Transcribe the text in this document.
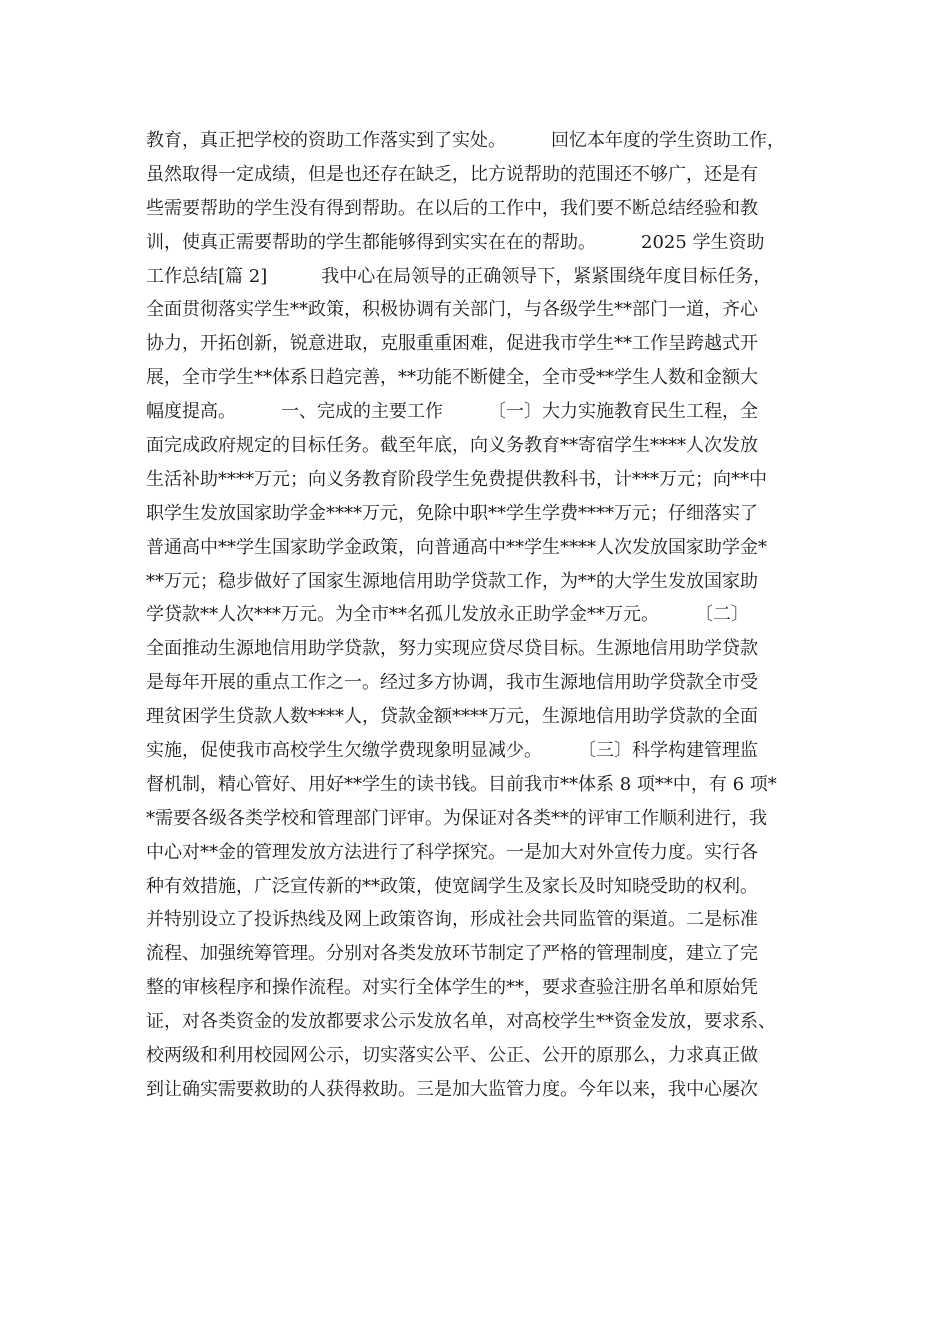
教育，真正把学校的资助工作落实到了实处。　　　回忆本年度的学生资助工作，
虽然取得一定成绩，但是也还存在缺乏，比方说帮助的范围还不够广，还是有
些需要帮助的学生没有得到帮助。在以后的工作中，我们要不断总结经验和教
训，使真正需要帮助的学生都能够得到实实在在的帮助。　　　2025 学生资助
工作总结[篇 2]　　　我中心在局领导的正确领导下，紧紧围绕年度目标任务，
全面贯彻落实学生**政策，积极协调有关部门，与各级学生**部门一道，齐心
协力，开拓创新，锐意进取，克服重重困难，促进我市学生**工作呈跨越式开
展，全市学生**体系日趋完善，**功能不断健全，全市受**学生人数和金额大
幅度提高。　　　一、完成的主要工作　　　〔一〕大力实施教育民生工程，全
面完成政府规定的目标任务。截至年底，向义务教育**寄宿学生****人次发放
生活补助****万元；向义务教育阶段学生免费提供教科书，计***万元；向**中
职学生发放国家助学金****万元，免除中职**学生学费****万元；仔细落实了
普通高中**学生国家助学金政策，向普通高中**学生****人次发放国家助学金*
**万元；稳步做好了国家生源地信用助学贷款工作，为**的大学生发放国家助
学贷款**人次***万元。为全市**名孤儿发放永正助学金**万元。　　　〔二〕
全面推动生源地信用助学贷款，努力实现应贷尽贷目标。生源地信用助学贷款
是每年开展的重点工作之一。经过多方协调，我市生源地信用助学贷款全市受
理贫困学生贷款人数****人，贷款金额****万元，生源地信用助学贷款的全面
实施，促使我市高校学生欠缴学费现象明显减少。　　　〔三〕科学构建管理监
督机制，精心管好、用好**学生的读书钱。目前我市**体系 8 项**中，有 6 项*
*需要各级各类学校和管理部门评审。为保证对各类**的评审工作顺利进行，我
中心对**金的管理发放方法进行了科学探究。一是加大对外宣传力度。实行各
种有效措施，广泛宣传新的**政策，使宽阔学生及家长及时知晓受助的权利。
并特别设立了投诉热线及网上政策咨询，形成社会共同监管的渠道。二是标准
流程、加强统筹管理。分别对各类发放环节制定了严格的管理制度，建立了完
整的审核程序和操作流程。对实行全体学生的**，要求查验注册名单和原始凭
证，对各类资金的发放都要求公示发放名单，对高校学生**资金发放，要求系、
校两级和利用校园网公示，切实落实公平、公正、公开的原那么，力求真正做
到让确实需要救助的人获得救助。三是加大监管力度。今年以来，我中心屡次
